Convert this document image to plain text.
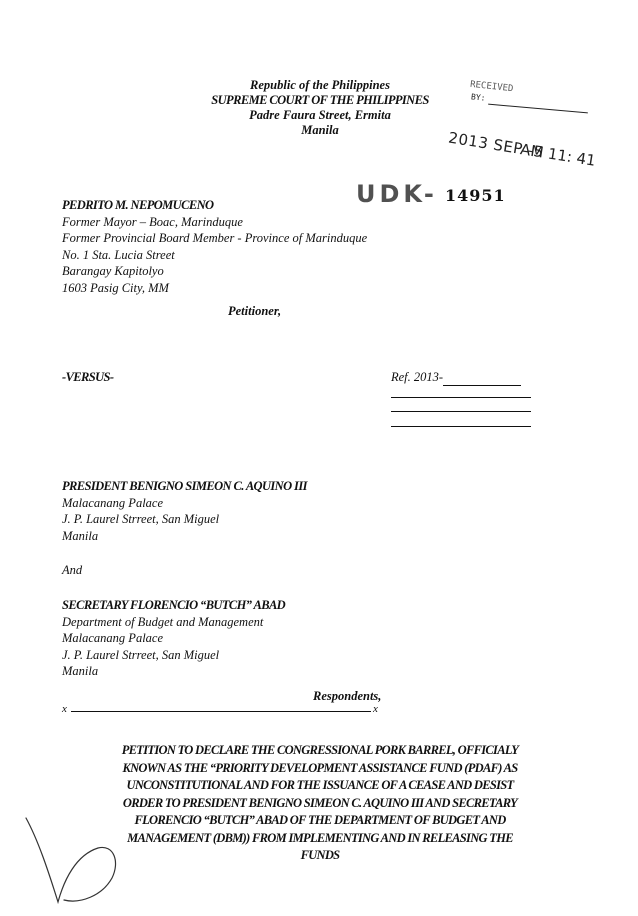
Republic of the Philippines
SUPREME COURT OF THE PHILIPPINES
Padre Faura Street, Ermita
Manila
RECEIVED
BY:
2013 SEP -5
AM 11: 41
UDK- 14951
PEDRITO M. NEPOMUCENO
Former Mayor – Boac, Marinduque
Former Provincial Board Member - Province of Marinduque
No. 1 Sta. Lucia Street
Barangay Kapitolyo
1603 Pasig City, MM
Petitioner,
-VERSUS-	Ref. 2013-
PRESIDENT BENIGNO SIMEON C. AQUINO III
Malacanang Palace
J. P. Laurel Strreet, San Miguel
Manila
And
SECRETARY FLORENCIO “BUTCH” ABAD
Department of Budget and Management
Malacanang Palace
J. P. Laurel Strreet, San Miguel
Manila
Respondents,
x	x
PETITION TO DECLARE THE CONGRESSIONAL PORK BARREL, OFFICIALY
KNOWN AS THE “PRIORITY DEVELOPMENT ASSISTANCE FUND (PDAF) AS
UNCONSTITUTIONAL AND FOR THE ISSUANCE OF A CEASE AND DESIST
ORDER TO PRESIDENT BENIGNO SIMEON C. AQUINO III AND SECRETARY
FLORENCIO “BUTCH” ABAD OF THE DEPARTMENT OF BUDGET AND
MANAGEMENT (DBM)) FROM IMPLEMENTING AND IN RELEASING THE
FUNDS
